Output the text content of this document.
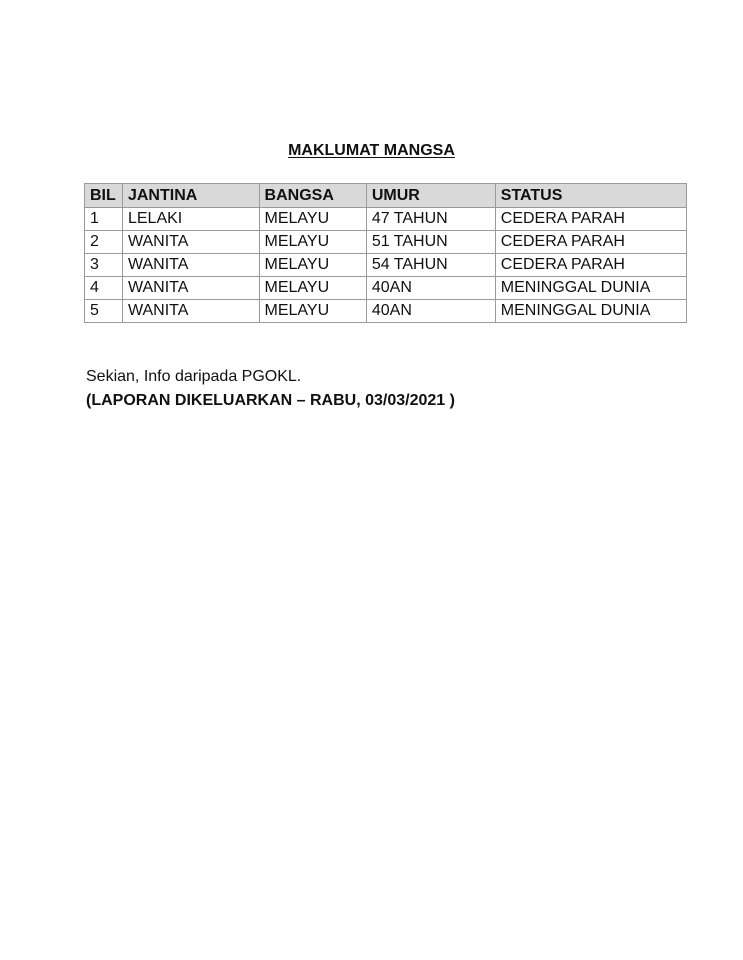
MAKLUMAT MANGSA
BIL	JANTINA	BANGSA	UMUR	STATUS
1	LELAKI	MELAYU	47 TAHUN	CEDERA PARAH
2	WANITA	MELAYU	51 TAHUN	CEDERA PARAH
3	WANITA	MELAYU	54 TAHUN	CEDERA PARAH
4	WANITA	MELAYU	40AN	MENINGGAL DUNIA
5	WANITA	MELAYU	40AN	MENINGGAL DUNIA
Sekian, Info daripada PGOKL.
(LAPORAN DIKELUARKAN – RABU, 03/03/2021 )
